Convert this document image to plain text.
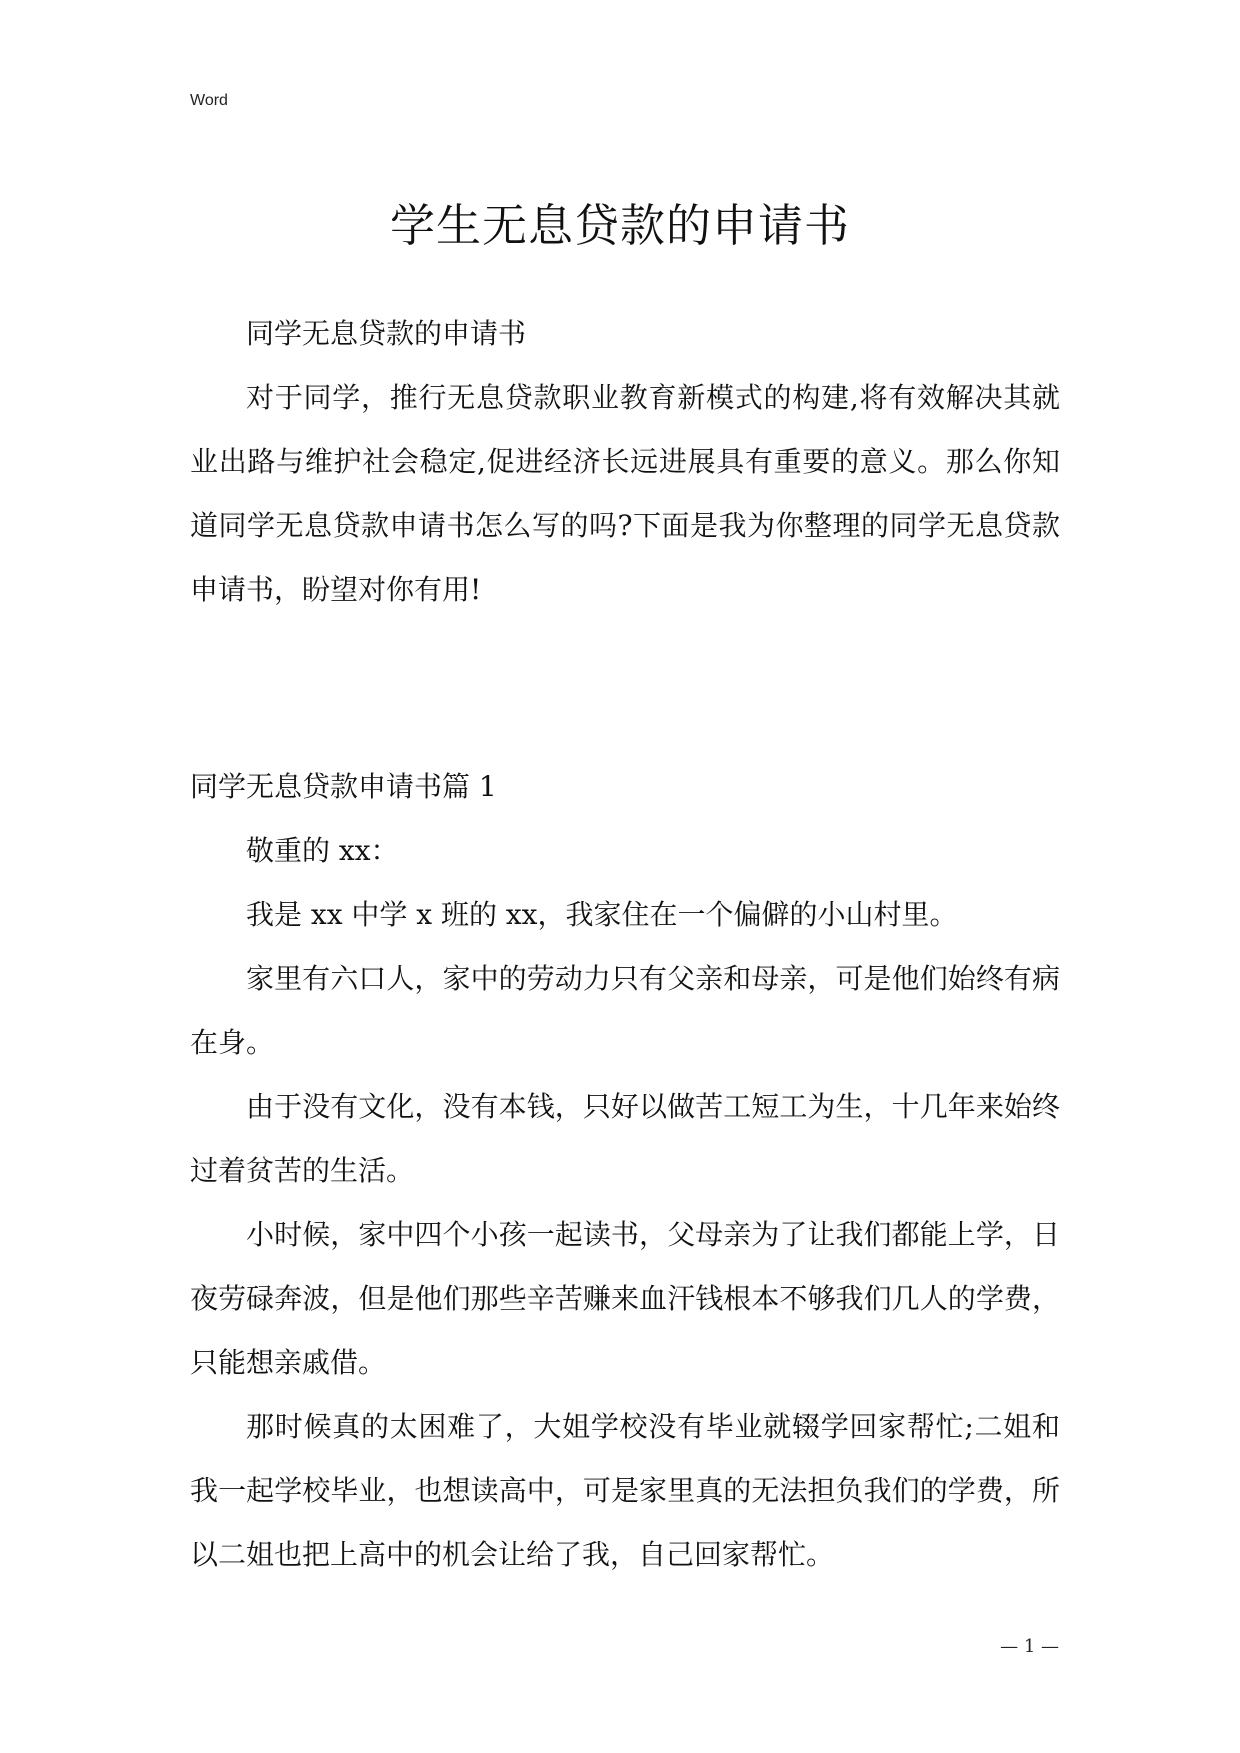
Word
学生无息贷款的申请书

同学无息贷款的申请书

对于同学，推行无息贷款职业教育新模式的构建,将有效解决其就业出路与维护社会稳定,促进经济长远进展具有重要的意义。那么你知道同学无息贷款申请书怎么写的吗?下面是我为你整理的同学无息贷款申请书，盼望对你有用!

同学无息贷款申请书篇 1

敬重的 xx：

我是 xx 中学 x 班的 xx，我家住在一个偏僻的小山村里。

家里有六口人，家中的劳动力只有父亲和母亲，可是他们始终有病在身。

由于没有文化，没有本钱，只好以做苦工短工为生，十几年来始终过着贫苦的生活。

小时候，家中四个小孩一起读书，父母亲为了让我们都能上学，日夜劳碌奔波，但是他们那些辛苦赚来血汗钱根本不够我们几人的学费，只能想亲戚借。

那时候真的太困难了，大姐学校没有毕业就辍学回家帮忙;二姐和我一起学校毕业，也想读高中，可是家里真的无法担负我们的学费，所以二姐也把上高中的机会让给了我，自己回家帮忙。

— 1 —
